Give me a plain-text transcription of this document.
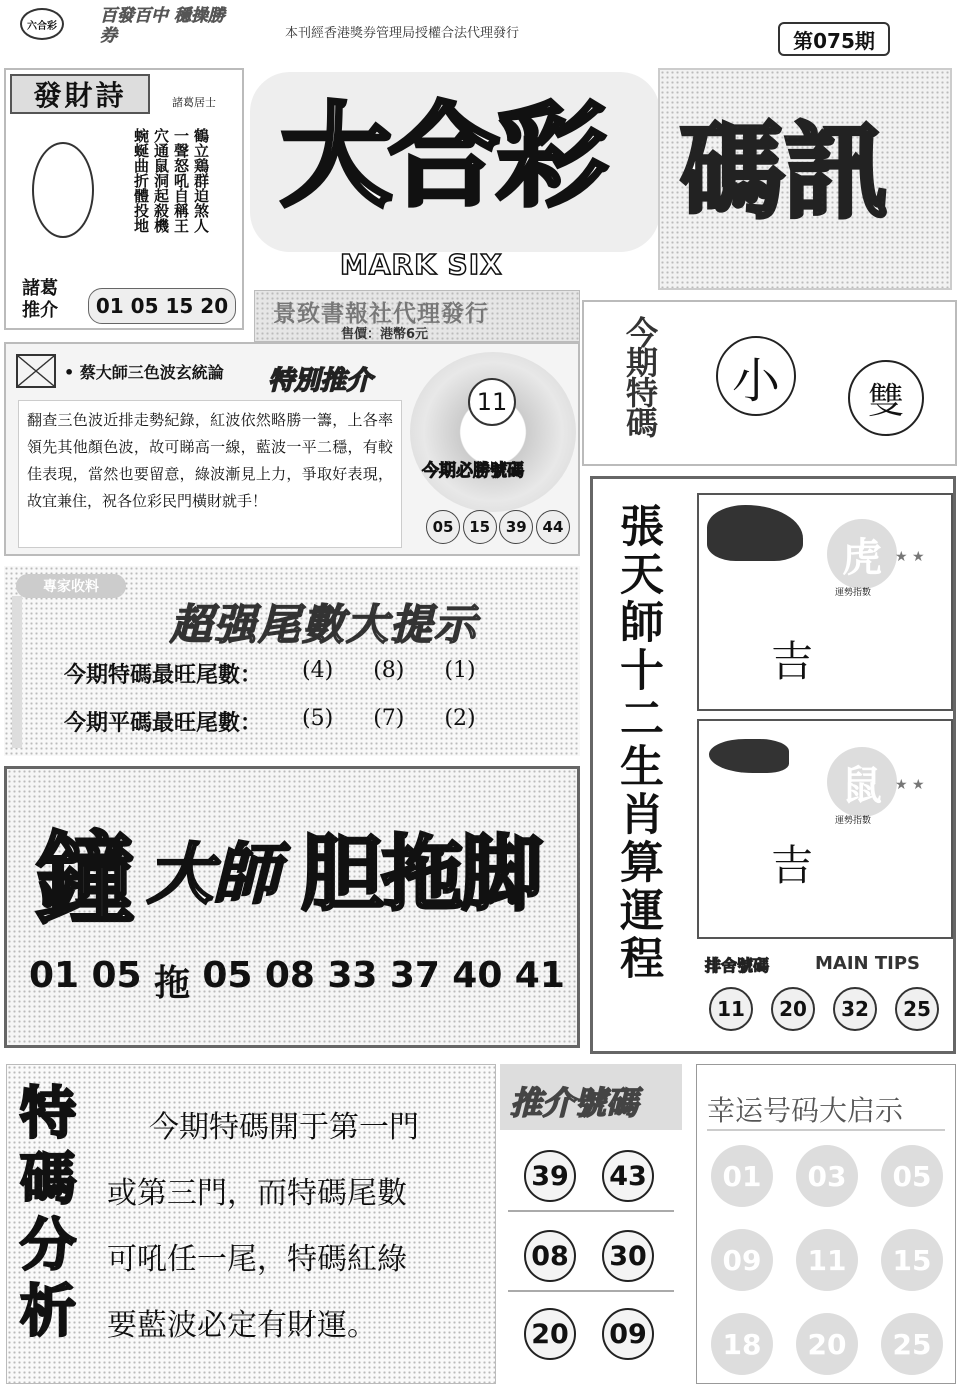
六合彩	百發百中 穩操勝券	本刊經香港獎券管理局授權合法代理發行	第075期
發財詩	諸葛居士
鶴立鶏群迫煞人
一聲怒吼自稱王
穴通鼠洞起殺機
蜿蜒曲折體投地
諸葛
推介	01 05 15 20
大合彩 碼訊
MARK SIX
景致書報社代理發行
售價：港幣6元	今期特碼	小	雙
• 蔡大師三色波玄統論 特別推介
翻查三色波近排走勢紀錄，紅波依然略勝一籌，上各率領先其他顏色波，故可睇高一線，藍波一平二穩，有較佳表現，當然也要留意，綠波漸見上力，爭取好表現，故宜兼住，祝各位彩民門橫財就手！
11
今期必勝號碼
05	15	39	44
專家收料
超强尾數大提示
今期特碼最旺尾數： (4) (8) (1)
今期平碼最旺尾數： (5) (7) (2)	張天師十二生肖算運程	虎 ★ ★
運勢指數
吉
鼠 ★ ★
運勢指數
吉
排舍號碼	MAIN TIPS
11	20	32	25
鐘 大師 胆拖脚
01 05 拖 05 08 33 37 40 41
特碼分析	今期特碼開于第一門
或第三門，而特碼尾數
可吼任一尾，特碼紅綠
要藍波必定有財運。
推介號碼
39 43
08 30
20 09
幸运号码大启示
01	03	05
09	11	15
18	20	25
